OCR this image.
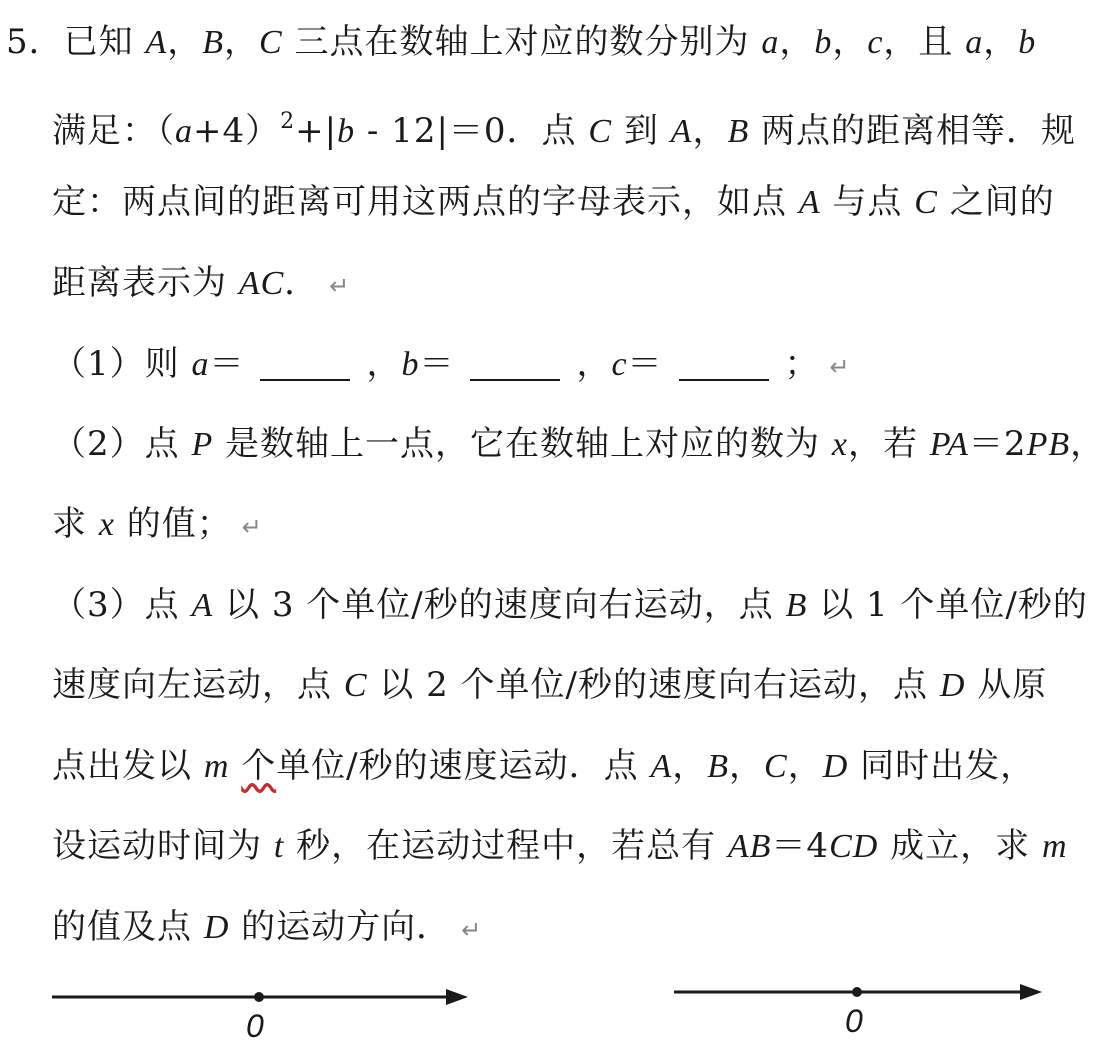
5．已知 A，B，C 三点在数轴上对应的数分别为 a，b，c，且 a，b
满足：$(a+4)^2+|b - 12|=0$．点 C 到 A，B 两点的距离相等．规
定：两点间的距离可用这两点的字母表示，如点 A 与点 C 之间的
距离表示为 AC． ↵
（1）则 a＝	，b＝	，c＝	； ↵
（2）点 P 是数轴上一点，它在数轴上对应的数为 x，若 PA＝2PB，
求 x 的值； ↵
（3）点 A 以 3 个单位/秒的速度向右运动，点 B 以 1 个单位/秒的
速度向左运动，点 C 以 2 个单位/秒的速度向右运动，点 D 从原
点出发以 m 个单位/秒的速度运动．点 A，B，C，D 同时出发，
设运动时间为 t 秒，在运动过程中，若总有 AB＝4CD 成立，求 m
的值及点 D 的运动方向． ↵
0	0
